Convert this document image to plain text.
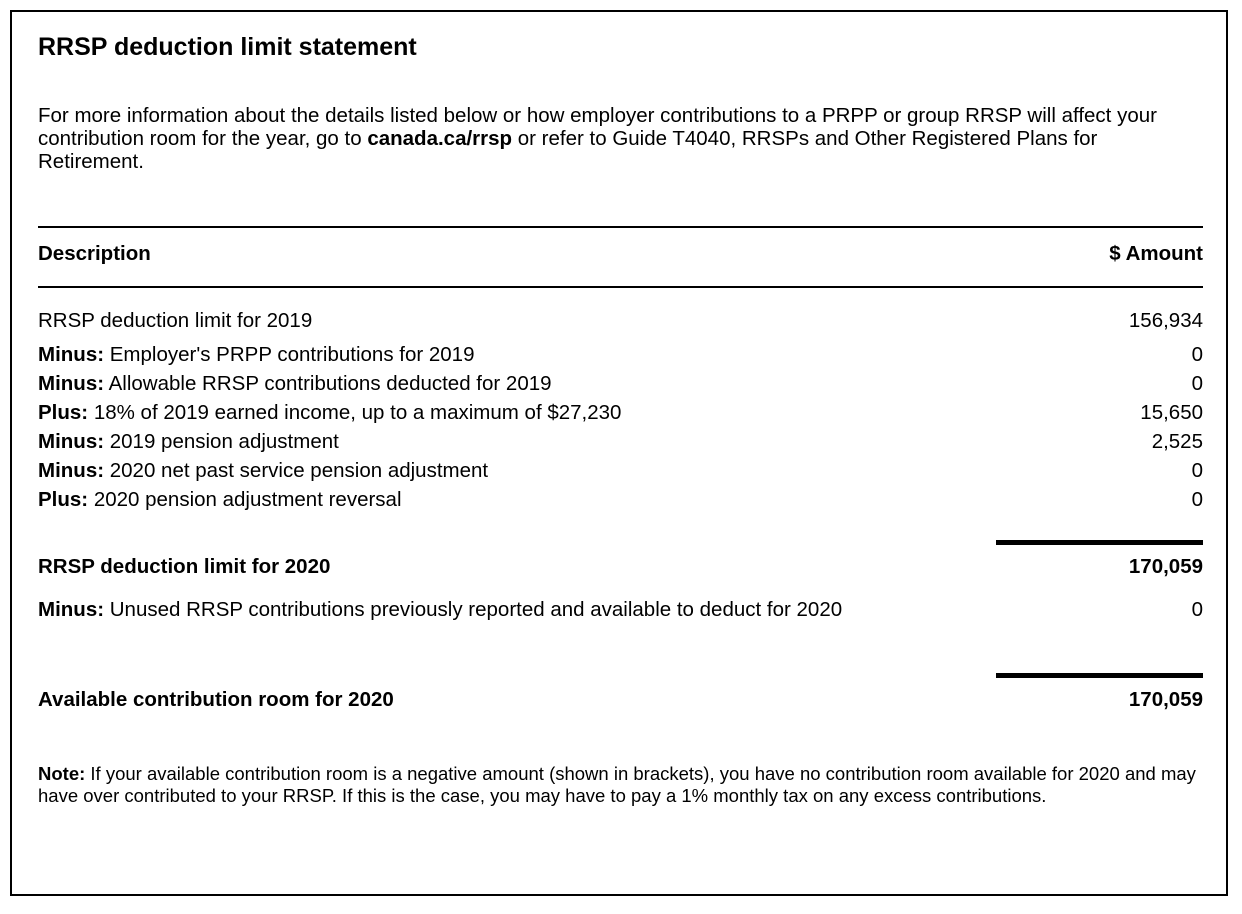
RRSP deduction limit statement

For more information about the details listed below or how employer contributions to a PRPP or group RRSP will affect your contribution room for the year, go to canada.ca/rrsp or refer to Guide T4040, RRSPs and Other Registered Plans for Retirement.

Description	$ Amount
RRSP deduction limit for 2019	156,934
Minus: Employer's PRPP contributions for 2019	0
Minus: Allowable RRSP contributions deducted for 2019	0
Plus: 18% of 2019 earned income, up to a maximum of $27,230	15,650
Minus: 2019 pension adjustment	2,525
Minus: 2020 net past service pension adjustment	0
Plus: 2020 pension adjustment reversal	0
RRSP deduction limit for 2020	170,059
Minus: Unused RRSP contributions previously reported and available to deduct for 2020	0
Available contribution room for 2020	170,059

Note: If your available contribution room is a negative amount (shown in brackets), you have no contribution room available for 2020 and may have over contributed to your RRSP. If this is the case, you may have to pay a 1% monthly tax on any excess contributions.
